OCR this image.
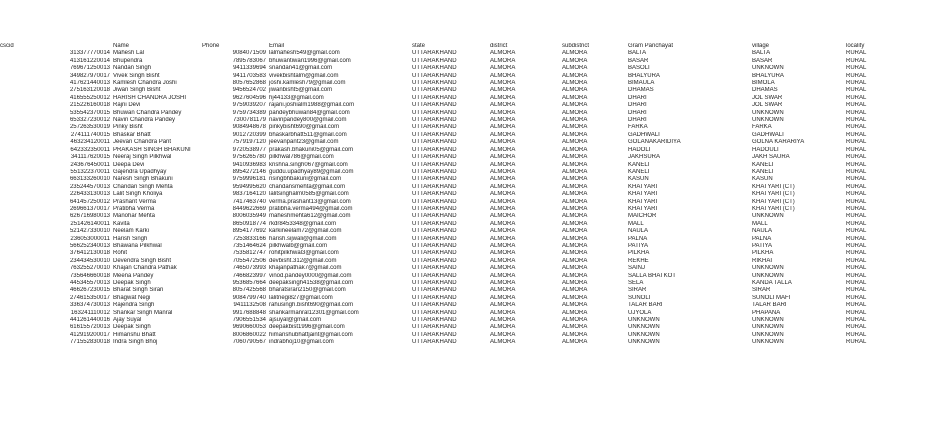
cscid	Name	Phone	Email	state	district	subdistrict	Gram Panchayat	village	locality
313377770014	Mahesh Lal	9084071509	lalmahesh549@gmail.com	UTTARAKHAND	ALMORA	ALMORA	BALTA	BALTA	RURAL
413161220014	Bhupendra	7895783067	bhuwantiwari1996@gmail.com	UTTARAKHAND	ALMORA	ALMORA	BASAR	BASAR	RURAL
769671250013	Nandan Singh	9411339694	snandan41@gmail.com	UTTARAKHAND	ALMORA	ALMORA	BASOLI	UNKNOWN	RURAL
349827970017	Vivek Singh Bisht	9411703583	vivekbishtalm@gmail.com	UTTARAKHAND	ALMORA	ALMORA	BHALYURA	BHALYURA	RURAL
417621440013	Kamlesh Chandra Joshi	8057652868	joshi.kamlesh79@gmail.com	UTTARAKHAND	ALMORA	ALMORA	BIMAULA	BIMOLA	RURAL
275163120018	Jiwan Singh Bisht	9456524702	jiwanbisht5@gmail.com	UTTARAKHAND	ALMORA	ALMORA	DHAMAS	DHAMAS	RURAL
416555250012	HARISH CHANDRA JOSHI	9627604596	hj44133@gmail.com	UTTARAKHAND	ALMORA	ALMORA	DHARI	JOL SWAR	RURAL
215226160018	Rajni Devi	9759039207	rajani.joshialm1988@gmail.com	UTTARAKHAND	ALMORA	ALMORA	DHARI	JOL SWAR	RURAL
535542370015	Bhuwan Chandra Pandey	9759734389	pandeybhuwan84@gmail.com	UTTARAKHAND	ALMORA	ALMORA	DHARI	UNKNOWN	RURAL
653327230012	Navin Chandra Pandey	7300781179	navinpandey800@gmail.com	UTTARAKHAND	ALMORA	ALMORA	DHARI	UNKNOWN	RURAL
257263530019	Pinky Bisht	9084948678	pinkybisht690@gmail.com	UTTARAKHAND	ALMORA	ALMORA	FARKA	FARKA	RURAL
274111740015	Bhaskar Bhatt	9012720399	bhaskarbhatt511@gmail.com	UTTARAKHAND	ALMORA	ALMORA	GADHWALI	GADHWALI	RURAL
463234120011	Jeevan Chandra Pant	7579197120	jeevanpant23@gmail.com	UTTARAKHAND	ALMORA	ALMORA	GOLANAKARIDIYA	GOLNA KARARIYA	RURAL
642332350011	PRAKASH SINGH BHAKUNI	9720538977	prakash.bhakuni05@gmail.com	UTTARAKHAND	ALMORA	ALMORA	HADOLI	HADOULI	RURAL
341117620015	Neeraj Singh Pilkhwal	9756265780	pilkhwal786@gmail.com	UTTARAKHAND	ALMORA	ALMORA	JAKHSURA	JAKH SAURA	RURAL
243676450011	Deepa Devi	9410936983	krishna.singh067@gmail.com	UTTARAKHAND	ALMORA	ALMORA	KANELI	KANELI	RURAL
551322370011	Gajendra Upadhyay	8954272146	guddu.upadhyay89@gmail.com	UTTARAKHAND	ALMORA	ALMORA	KANELI	KANELI	RURAL
663133260010	Naresh Singh Bhakuni	9759996181	nsingbhbakuni@gmail.com	UTTARAKHAND	ALMORA	ALMORA	KASUN	KASUN	RURAL
235244570013	Chandan Singh Mehta	9594995620	chandansmehta@gmail.com	UTTARAKHAND	ALMORA	ALMORA	KHATYARI	KHATYARI (CT)	RURAL
226433130013	Lalit Singh Kholiya	9837164120	lalitsinghalm0585@gmail.com	UTTARAKHAND	ALMORA	ALMORA	KHATYARI	KHATYARI (CT)	RURAL
641457250012	Prashant Verma	7417463740	verma.prashant13@gmail.com	UTTARAKHAND	ALMORA	ALMORA	KHATYARI	KHATYARI (CT)	RURAL
269661370017	Pratibha Verma	8449622669	pratibha.verma494@gmail.com	UTTARAKHAND	ALMORA	ALMORA	KHATYARI	KHATYARI (CT)	RURAL
626716980013	Manohar Mehta	8006035949	maheshmehta612@gmail.com	UTTARAKHAND	ALMORA	ALMORA	MAICHOR	UNKNOWN	RURAL
251426140011	Kavita	8650918774	rkdr8453348@gmail.com	UTTARAKHAND	ALMORA	ALMORA	MALL	MALL	RURAL
521427330010	Neelam Karki	8954177692	karkineelam72@gmail.com	UTTARAKHAND	ALMORA	ALMORA	NAULA	NAULA	RURAL
236053000011	Harish Singh	7253833166	harish.sijwali@gmail.com	UTTARAKHAND	ALMORA	ALMORA	PALNA	PALNA	RURAL
566252340013	Bhawana Pilkhwal	7351464624	pilkhwalb@gmail.com	UTTARAKHAND	ALMORA	ALMORA	PATIYA	PATIYA	RURAL
376412130018	Rohit	7535812747	rohitpilkhwal3@gmail.com	UTTARAKHAND	ALMORA	ALMORA	PILKHA	PILKHA	RURAL
234434530010	Devendra Singh Bisht	7055472506	devbisht.312@gmail.com	UTTARAKHAND	ALMORA	ALMORA	REKHE	RIKHAI	RURAL
763255270010	Khajan Chandra Pathak	7465073993	khajanpathak7@gmail.com	UTTARAKHAND	ALMORA	ALMORA	SAINJ	UNKNOWN	RURAL
735646660018	Meena Pandey	7466823997	vinod.pandey0000@gmail.com	UTTARAKHAND	ALMORA	ALMORA	SALLA BHATKOT	UNKNOWN	RURAL
445345570013	Deepak Singh	9536857664	deepaksingh41538@gmail.com	UTTARAKHAND	ALMORA	ALMORA	SELA	KANDA TALLA	RURAL
466267230015	Bharat Singh Sirari	8057425568	bharatsirari2150@gmail.com	UTTARAKHAND	ALMORA	ALMORA	SIRAR	SIRAR	RURAL
274615350017	Bhagwat Negi	9084799740	lalitnegi827@gmail.com	UTTARAKHAND	ALMORA	ALMORA	SUNOLI	SUNOLI MAFI	RURAL
336374730013	Rajendra Singh	9411132508	rahusingh.bisht690@gmail.com	UTTARAKHAND	ALMORA	ALMORA	TALAR BARI	TALAR BARI	RURAL
163241110012	Shankar Singh Manral	9917688848	shankarmanral12301@gmail.com	UTTARAKHAND	ALMORA	ALMORA	UJYOLA	PHAPANA	RURAL
441261440016	Ajay Suyal	7906551534	ajsuyal@gmail.com	UTTARAKHAND	ALMORA	ALMORA	UNKNOWN	UNKNOWN	RURAL
616155720013	Deepak Singh	9690660053	deepakbist1996@gmail.com	UTTARAKHAND	ALMORA	ALMORA	UNKNOWN	UNKNOWN	RURAL
412919200017	Himanshu Bhatt	8006860022	himanshubhattjaint@gmail.com	UTTARAKHAND	ALMORA	ALMORA	UNKNOWN	UNKNOWN	RURAL
771552830018	Indra Singh Bhoj	7060790567	indrabhoj10@gmail.com	UTTARAKHAND	ALMORA	ALMORA	UNKNOWN	UNKNOWN	RURAL
